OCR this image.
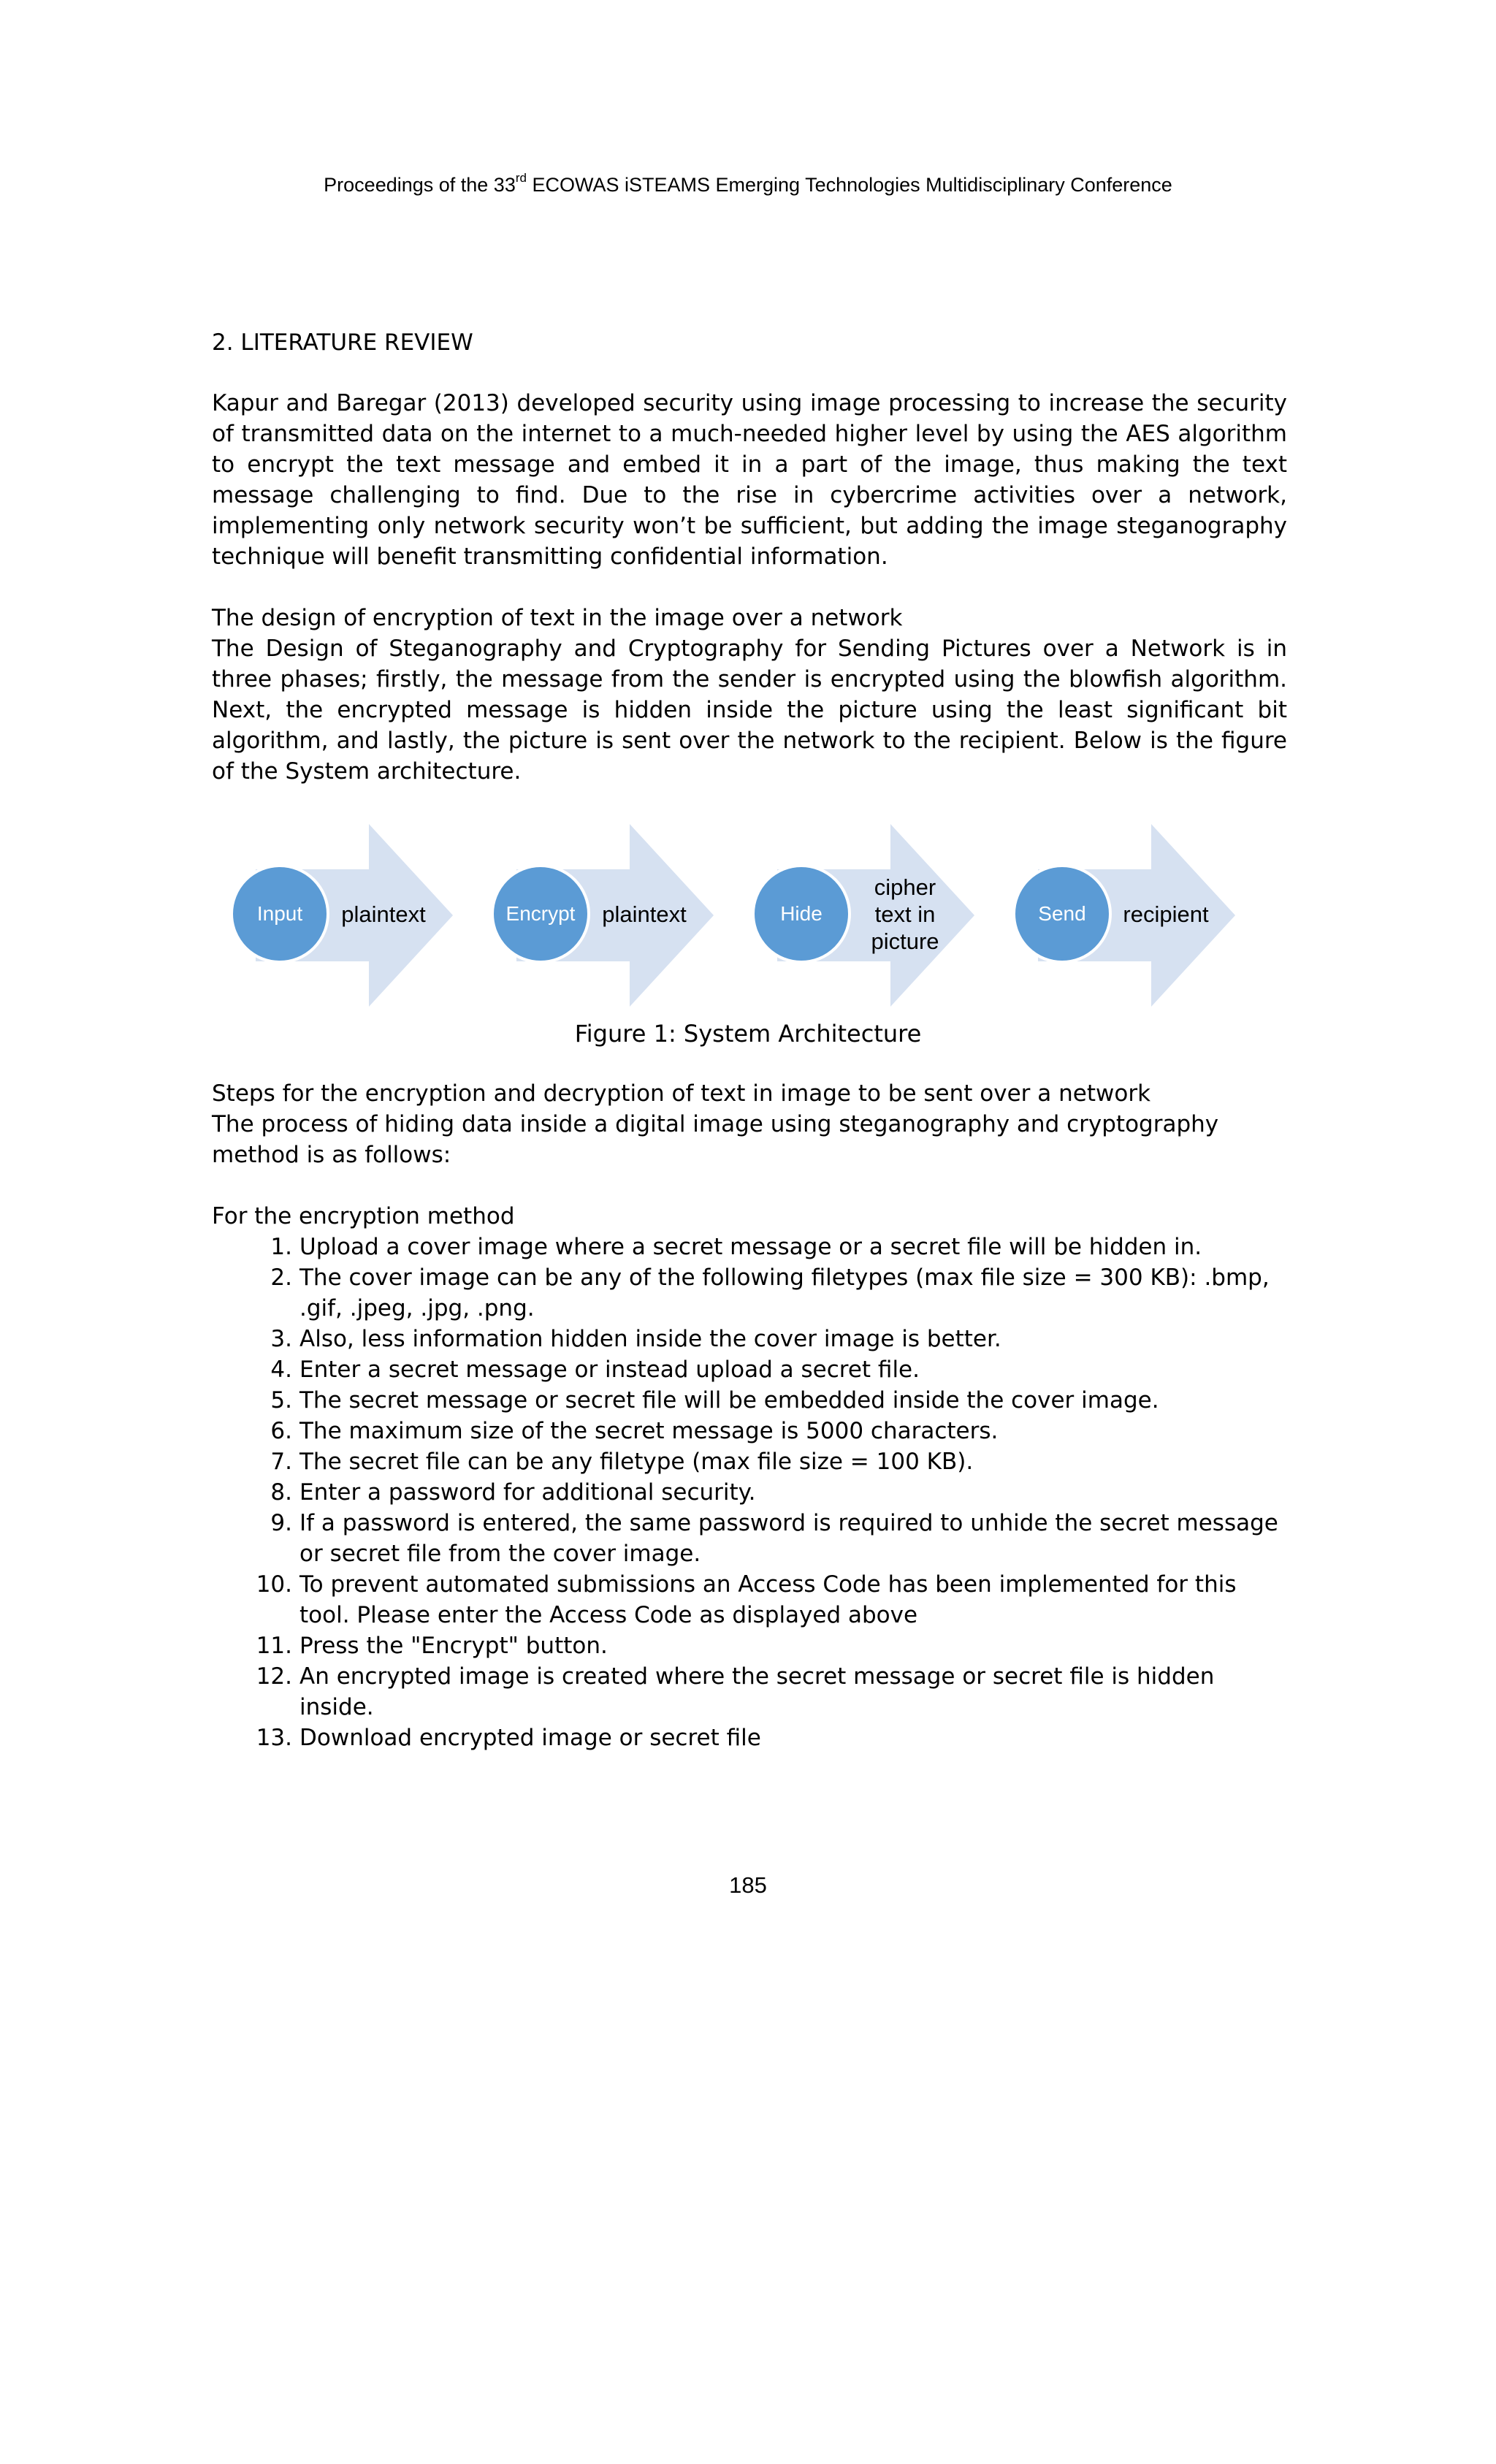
Proceedings of the 33rd ECOWAS iSTEAMS Emerging Technologies Multidisciplinary Conference
2. LITERATURE REVIEW

Kapur and Baregar (2013) developed security using image processing to increase the security of transmitted data on the internet to a much-needed higher level by using the AES algorithm to encrypt the text message and embed it in a part of the image, thus making the text message challenging to find. Due to the rise in cybercrime activities over a network, implementing only network security won’t be sufficient, but adding the image steganography technique will benefit transmitting confidential information.

The design of encryption of text in the image over a network

The Design of Steganography and Cryptography for Sending Pictures over a Network is in three phases; firstly, the message from the sender is encrypted using the blowfish algorithm. Next, the encrypted message is hidden inside the picture using the least significant bit algorithm, and lastly, the picture is sent over the network to the recipient. Below is the figure of the System architecture.

Input	plaintext	Encrypt	plaintext	Hide
cipher text in picture
Send	recipient
Figure 1: System Architecture
Steps for the encryption and decryption of text in image to be sent over a network

The process of hiding data inside a digital image using steganography and cryptography method is as follows:

For the encryption method
1. Upload a cover image where a secret message or a secret file will be hidden in.
2. The cover image can be any of the following filetypes (max file size = 300 KB): .bmp, .gif, .jpeg, .jpg, .png.
3. Also, less information hidden inside the cover image is better.
4. Enter a secret message or instead upload a secret file.
5. The secret message or secret file will be embedded inside the cover image.
6. The maximum size of the secret message is 5000 characters.
7. The secret file can be any filetype (max file size = 100 KB).
8. Enter a password for additional security.
9. If a password is entered, the same password is required to unhide the secret message or secret file from the cover image.
10. To prevent automated submissions an Access Code has been implemented for this tool. Please enter the Access Code as displayed above
11. Press the "Encrypt" button.
12. An encrypted image is created where the secret message or secret file is hidden inside.
13. Download encrypted image or secret file
185
